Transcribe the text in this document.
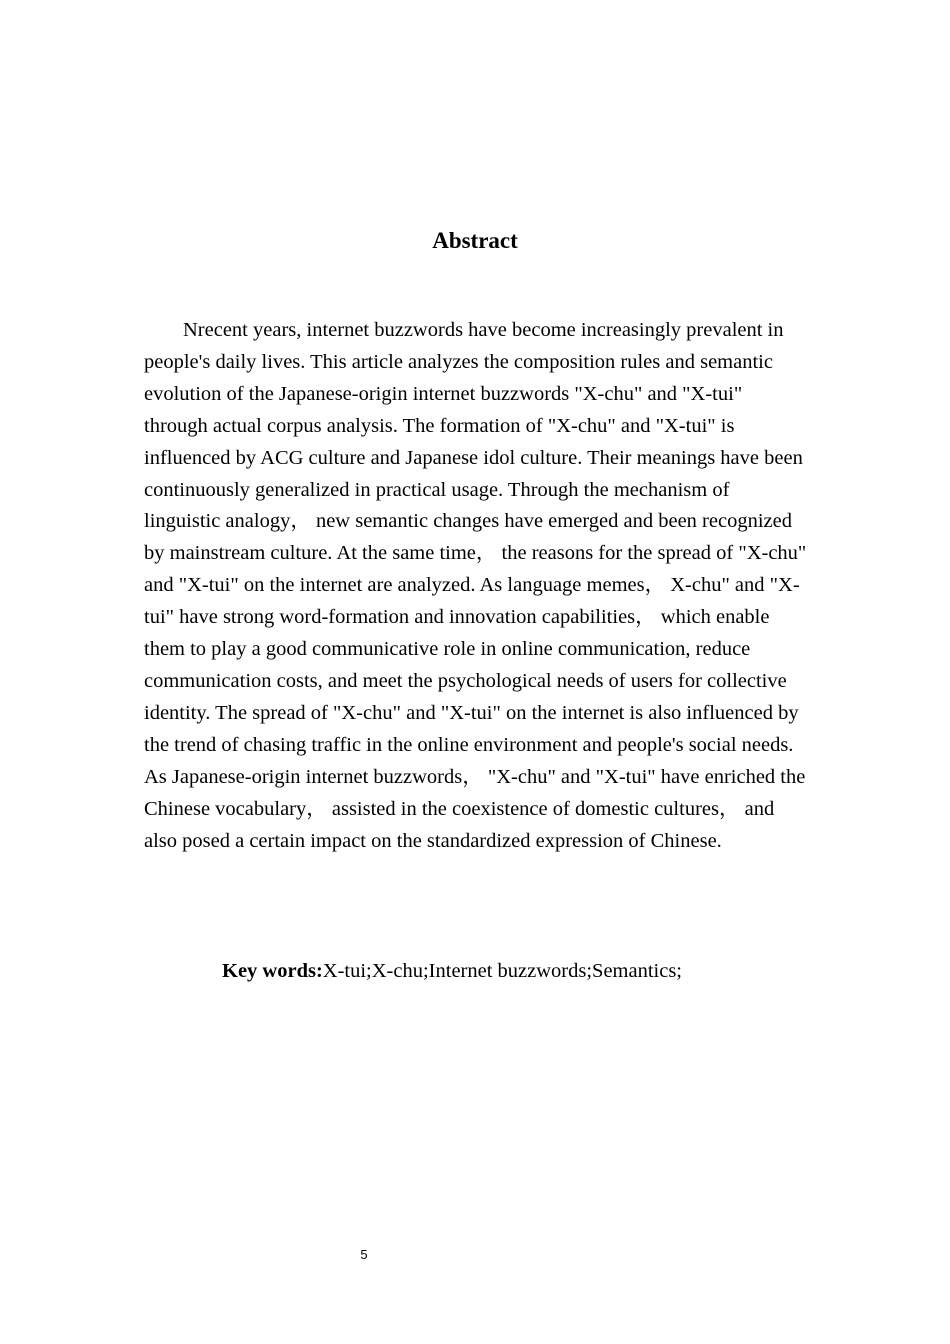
Abstract

Nrecent years, internet buzzwords have become increasingly prevalent in people's daily lives. This article analyzes the composition rules and semantic evolution of the Japanese-origin internet buzzwords "X-chu" and "X-tui" through actual corpus analysis. The formation of "X-chu" and "X-tui" is influenced by ACG culture and Japanese idol culture. Their meanings have been continuously generalized in practical usage. Through the mechanism of linguistic analogy， new semantic changes have emerged and been recognized by mainstream culture. At the same time， the reasons for the spread of "X-chu" and "X-tui" on the internet are analyzed. As language memes， X-chu" and "X-tui" have strong word-formation and innovation capabilities， which enable them to play a good communicative role in online communication, reduce communication costs, and meet the psychological needs of users for collective identity. The spread of "X-chu" and "X-tui" on the internet is also influenced by the trend of chasing traffic in the online environment and people's social needs. As Japanese-origin internet buzzwords， "X-chu" and "X-tui" have enriched the Chinese vocabulary， assisted in the coexistence of domestic cultures， and also posed a certain impact on the standardized expression of Chinese.

Key words:X-tui;X-chu;Internet buzzwords;Semantics;
5
